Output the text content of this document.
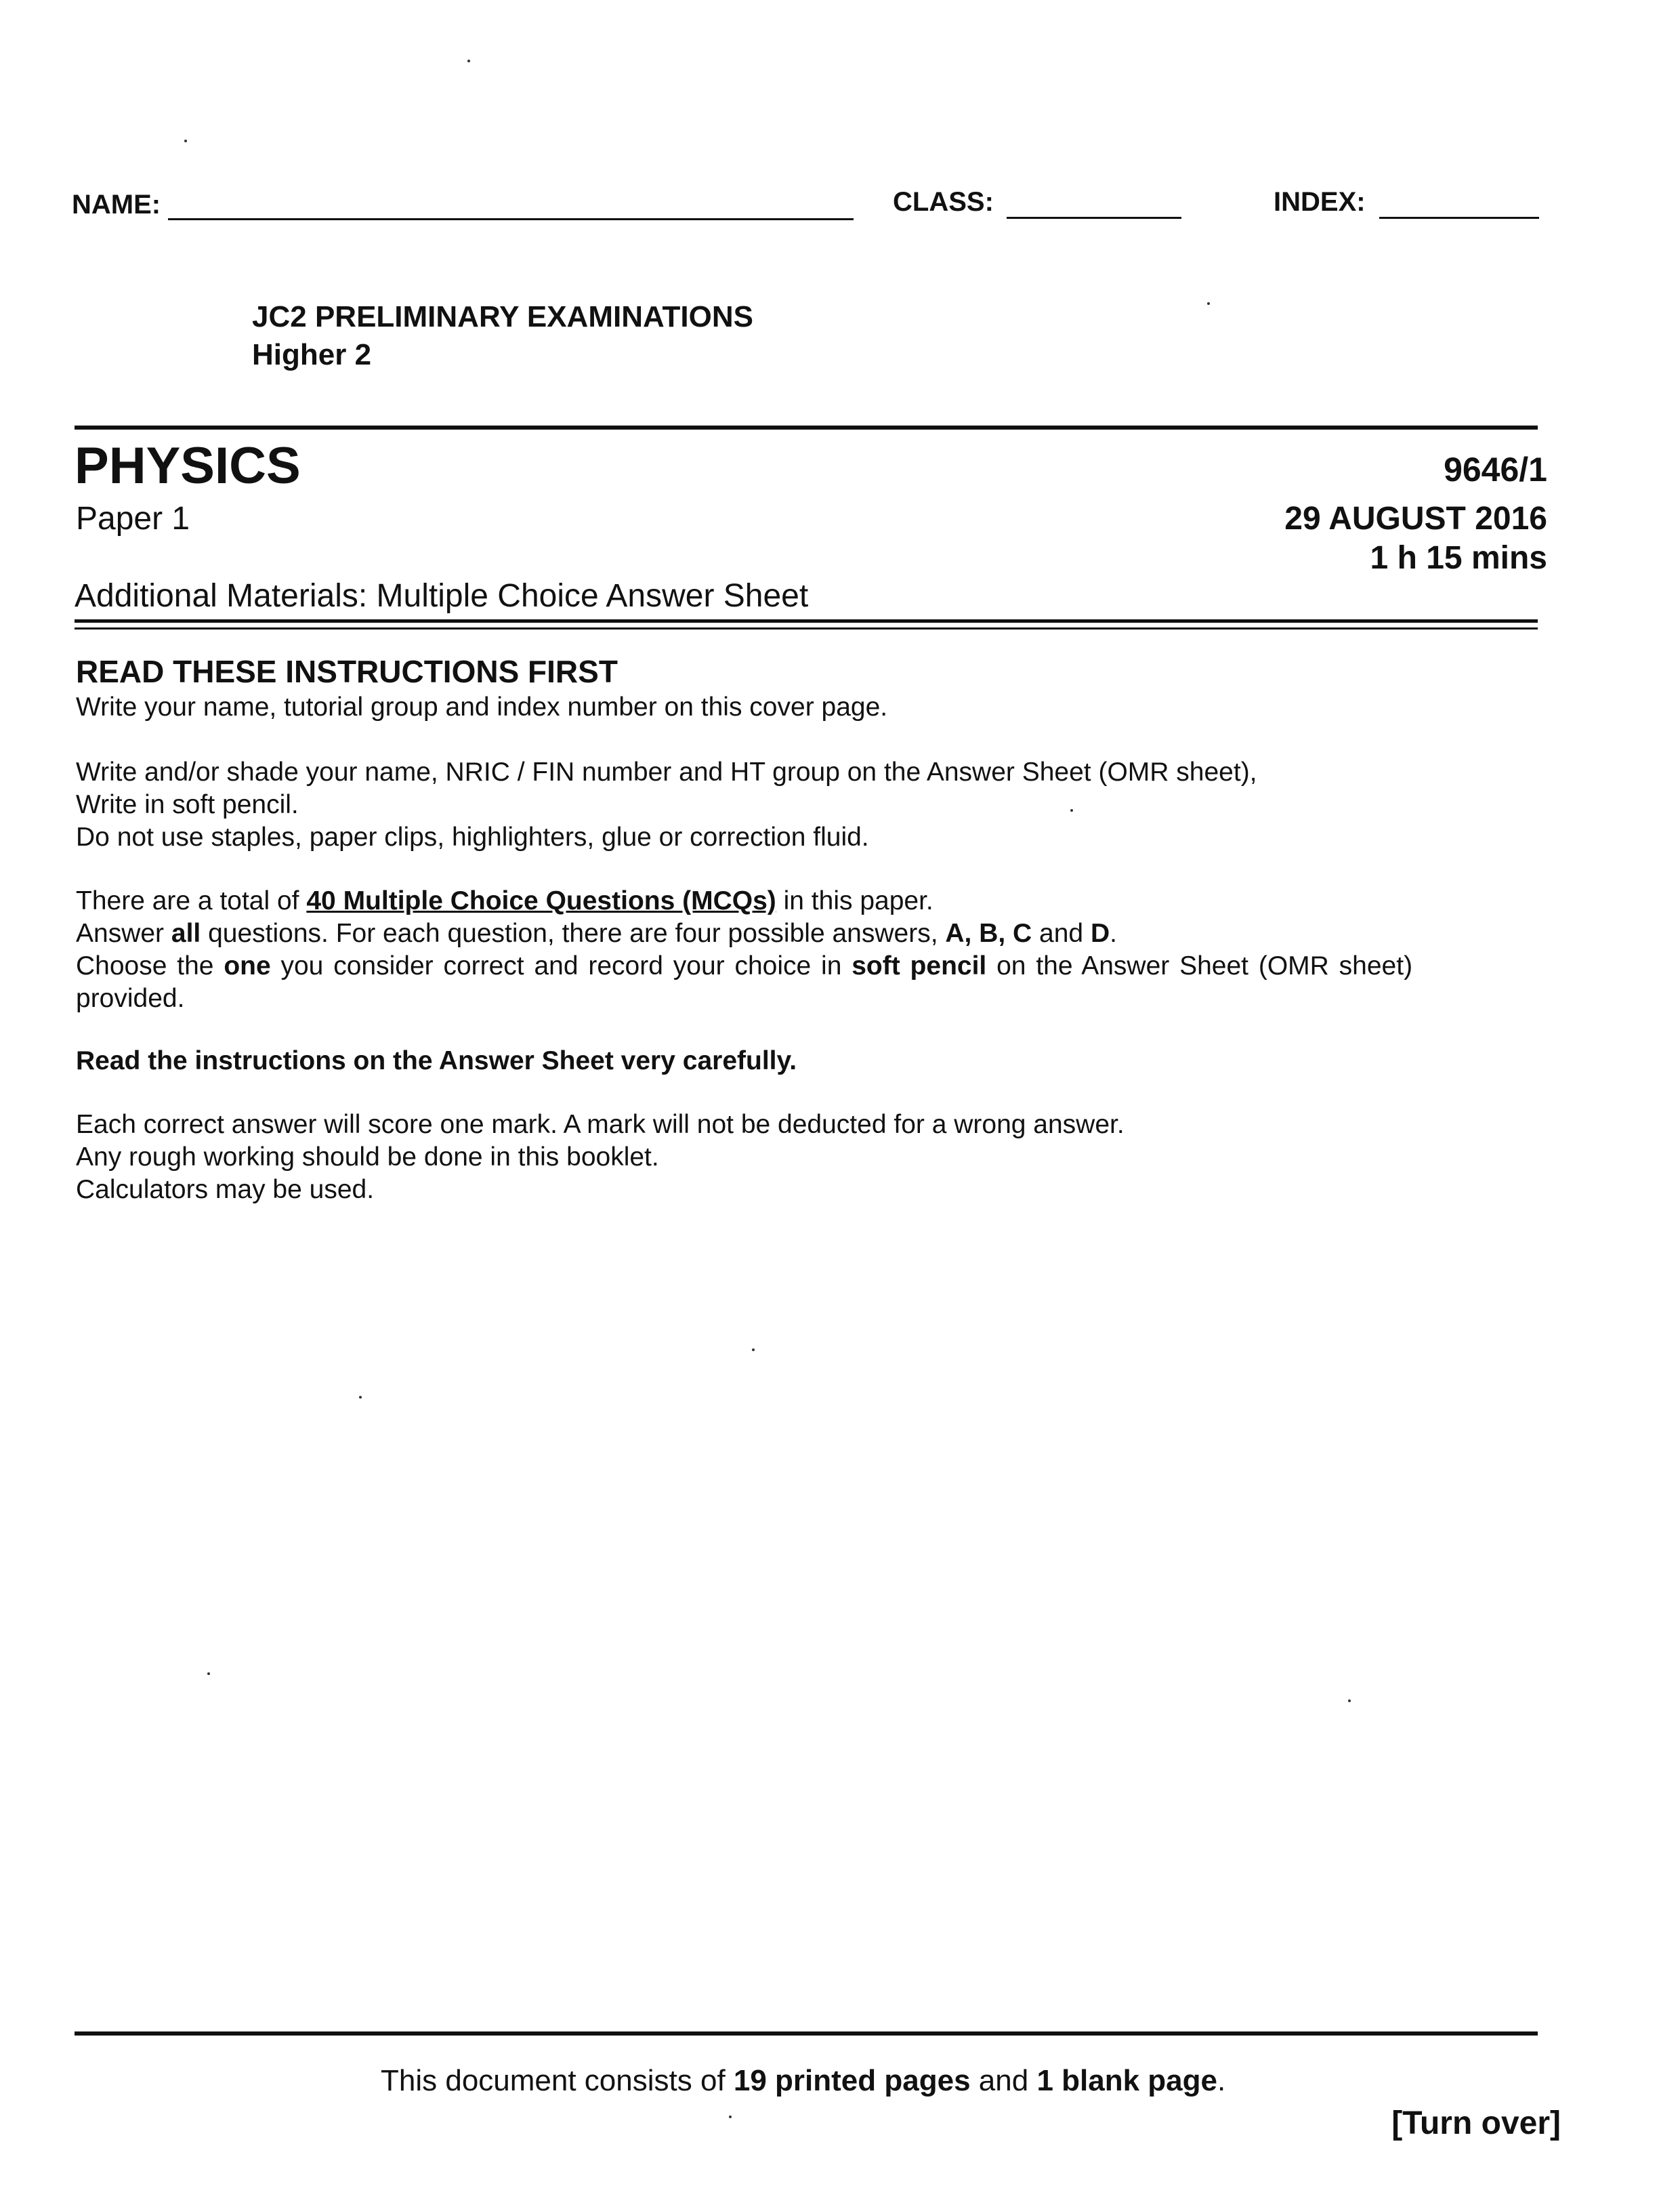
NAME:	CLASS:	INDEX:
JC2 PRELIMINARY EXAMINATIONS
Higher 2
PHYSICS
Paper 1
9646/1
29 AUGUST 2016
1 h 15 mins
Additional Materials: Multiple Choice Answer Sheet
READ THESE INSTRUCTIONS FIRST
Write your name, tutorial group and index number on this cover page.
Write and/or shade your name, NRIC / FIN number and HT group on the Answer Sheet (OMR sheet),
Write in soft pencil.
Do not use staples, paper clips, highlighters, glue or correction fluid.
There are a total of 40 Multiple Choice Questions (MCQs) in this paper.
Answer all questions. For each question, there are four possible answers, A, B, C and D.
Choose the one you consider correct and record your choice in soft pencil on the Answer Sheet (OMR sheet)
provided.
Read the instructions on the Answer Sheet very carefully.
Each correct answer will score one mark. A mark will not be deducted for a wrong answer.
Any rough working should be done in this booklet.
Calculators may be used.
This document consists of 19 printed pages and 1 blank page.
[Turn over]
